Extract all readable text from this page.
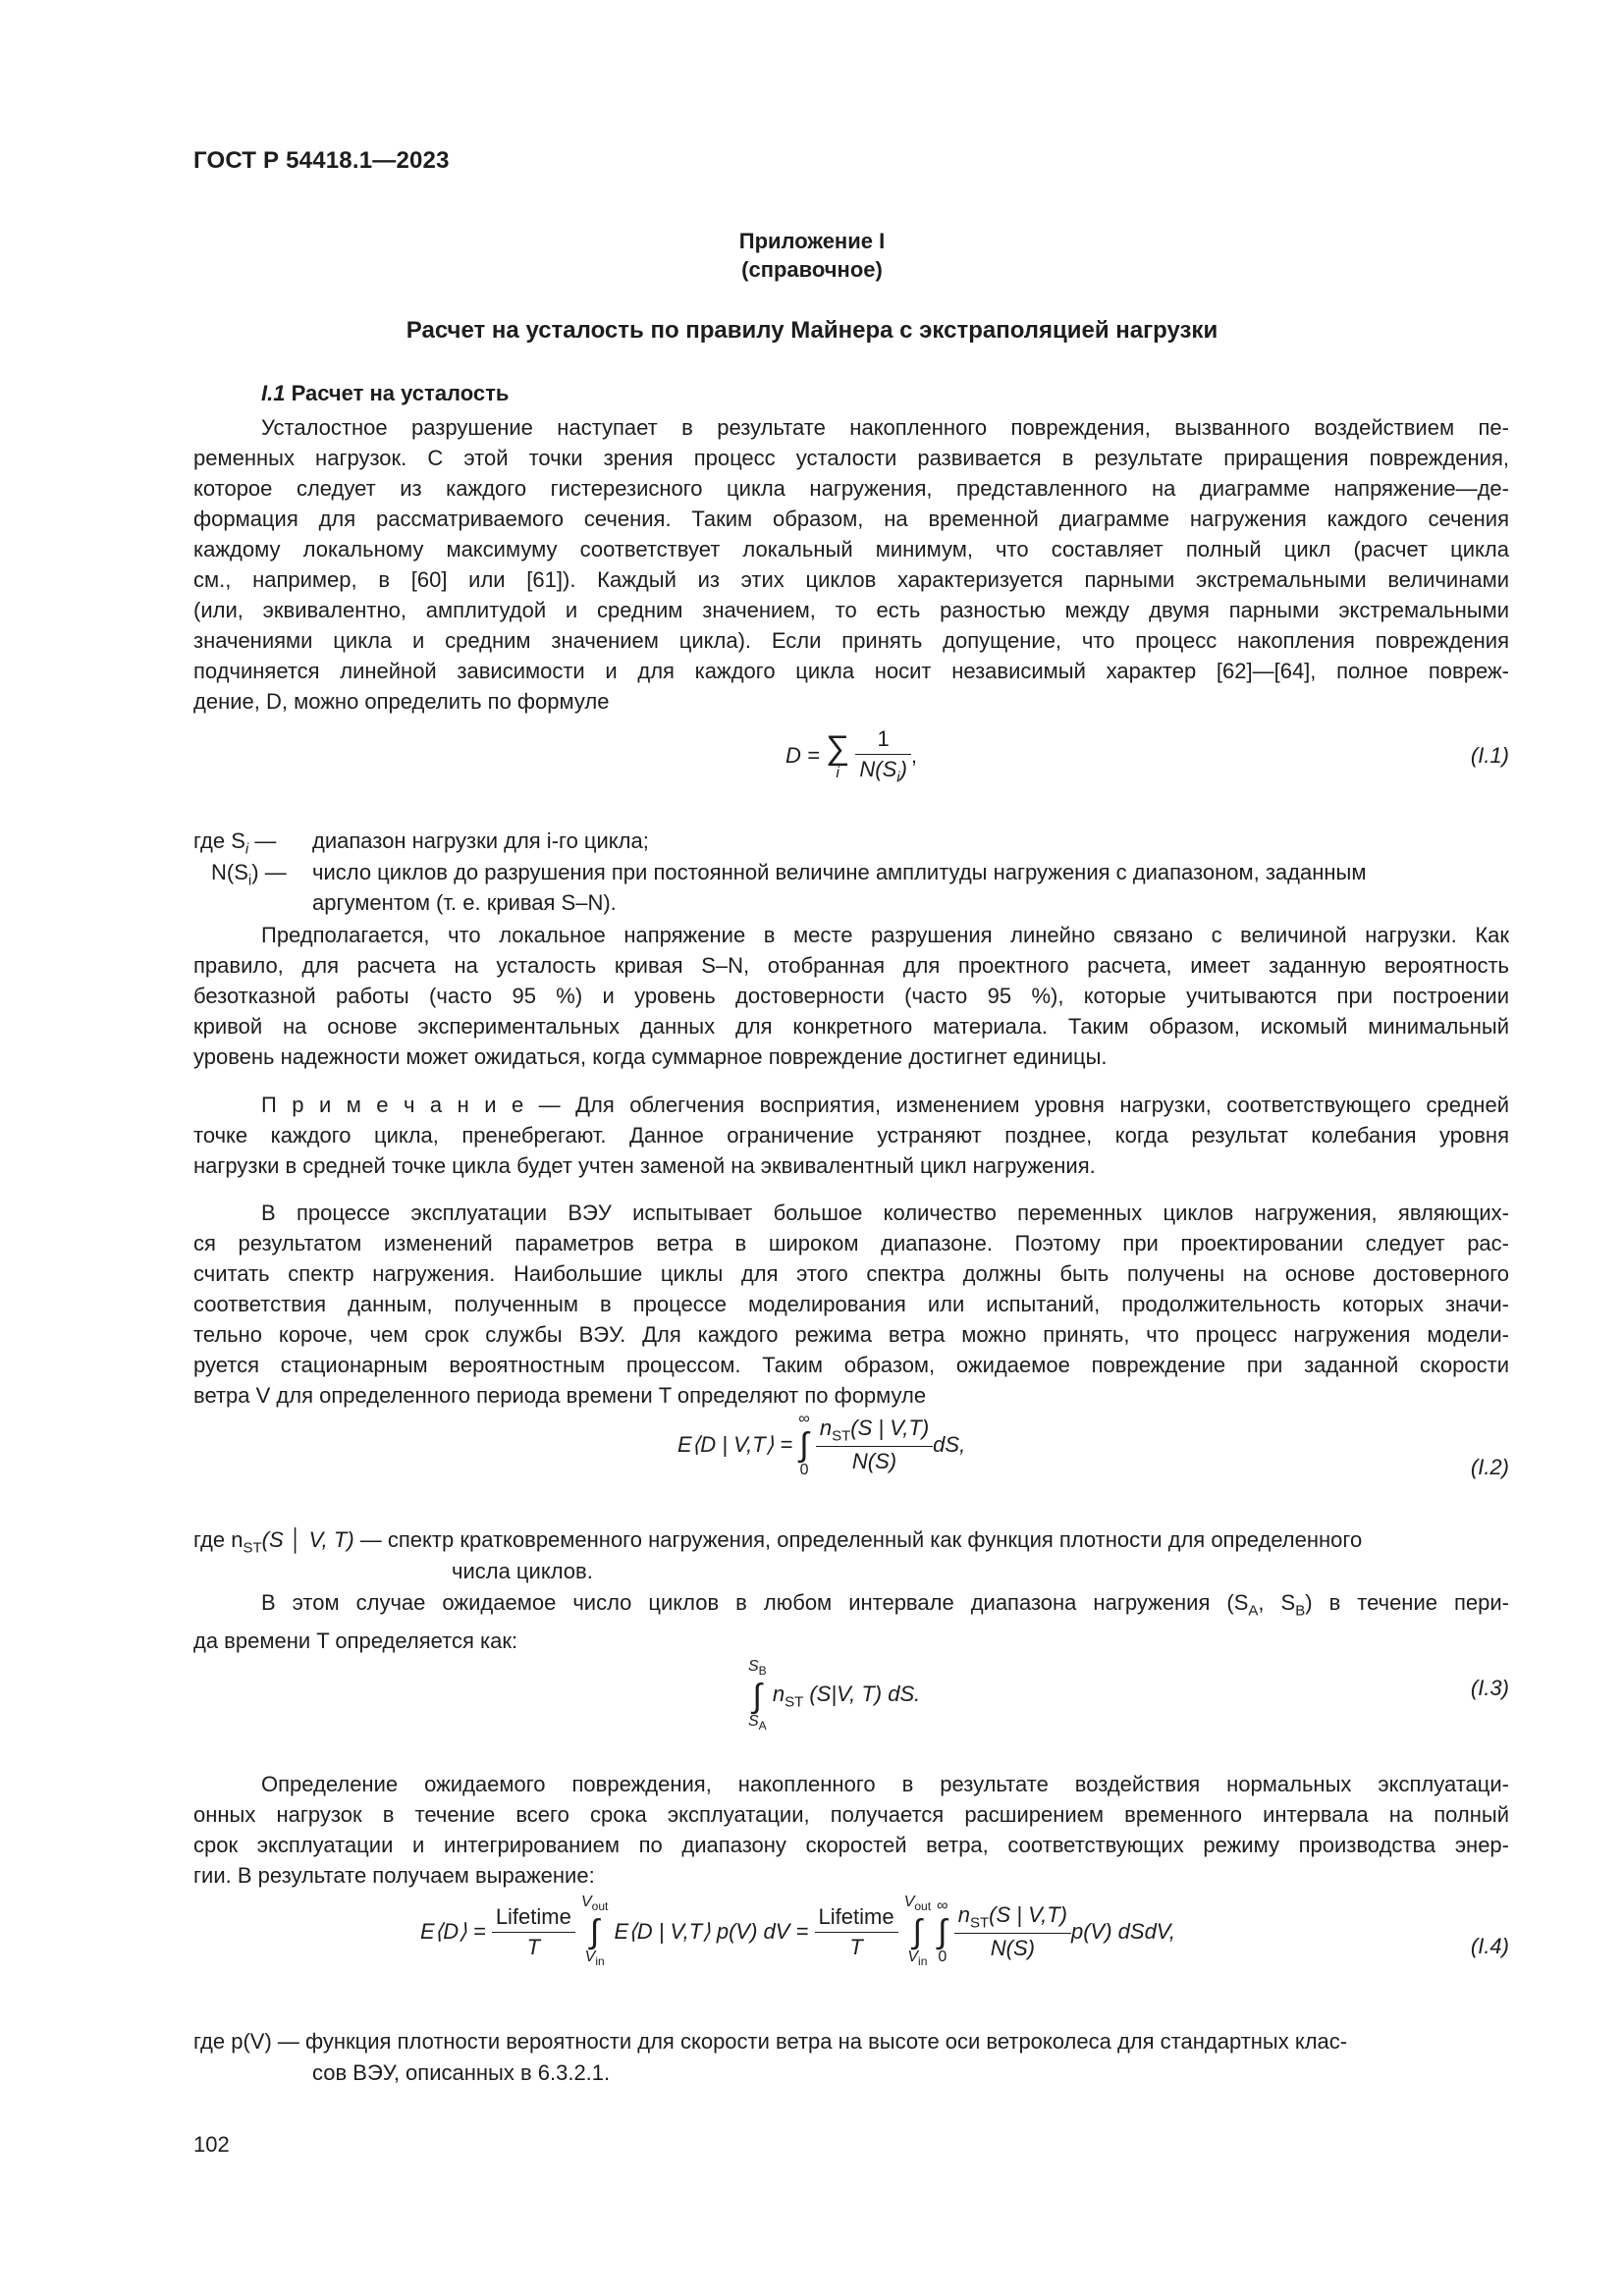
ГОСТ Р 54418.1—2023
Приложение I
(справочное)
Расчет на усталость по правилу Майнера с экстраполяцией нагрузки
I.1 Расчет на усталость
Усталостное разрушение наступает в результате накопленного повреждения, вызванного воздействием пе-
ременных нагрузок. С этой точки зрения процесс усталости развивается в результате приращения повреждения,
которое следует из каждого гистерезисного цикла нагружения, представленного на диаграмме напряжение—де-
формация для рассматриваемого сечения. Таким образом, на временной диаграмме нагружения каждого сечения
каждому локальному максимуму соответствует локальный минимум, что составляет полный цикл (расчет цикла
см., например, в [60] или [61]). Каждый из этих циклов характеризуется парными экстремальными величинами
(или, эквивалентно, амплитудой и средним значением, то есть разностью между двумя парными экстремальными
значениями цикла и средним значением цикла). Если принять допущение, что процесс накопления повреждения
подчиняется линейной зависимости и для каждого цикла носит независимый характер [62]—[64], полное повреж-
дение, D, можно определить по формуле
D = ∑
i
$\frac{1}{N(S_i)}$ ,	(I.1)
где $S_i$ — диапазон нагрузки для i-го цикла;
$N(S_i)$ — число циклов до разрушения при постоянной величине амплитуды нагружения с диапазоном, заданным
аргументом (т. е. кривая S–N).
Предполагается, что локальное напряжение в месте разрушения линейно связано с величиной нагрузки. Как
правило, для расчета на усталость кривая S–N, отобранная для проектного расчета, имеет заданную вероятность
безотказной работы (часто 95 %) и уровень достоверности (часто 95 %), которые учитываются при построении
кривой на основе экспериментальных данных для конкретного материала. Таким образом, искомый минимальный
уровень надежности может ожидаться, когда суммарное повреждение достигнет единицы.
П р и м е ч а н и е — Для облегчения восприятия, изменением уровня нагрузки, соответствующего средней
точке каждого цикла, пренебрегают. Данное ограничение устраняют позднее, когда результат колебания уровня
нагрузки в средней точке цикла будет учтен заменой на эквивалентный цикл нагружения.
В процессе эксплуатации ВЭУ испытывает большое количество переменных циклов нагружения, являющих-
ся результатом изменений параметров ветра в широком диапазоне. Поэтому при проектировании следует рас-
считать спектр нагружения. Наибольшие циклы для этого спектра должны быть получены на основе достоверного
соответствия данным, полученным в процессе моделирования или испытаний, продолжительность которых значи-
тельно короче, чем срок службы ВЭУ. Для каждого режима ветра можно принять, что процесс нагружения модели-
руется стационарным вероятностным процессом. Таким образом, ожидаемое повреждение при заданной скорости
ветра V для определенного периода времени T определяют по формуле
E⟨D | V,T⟩ =
∞
∫
0
$\frac{n_{ST}(S | V,T)}{N(S)}$ dS,
(I.2)
где $n_{ST}(S$ │ V, T) — спектр кратковременного нагружения, определенный как функция плотности для определенного
числа циклов.
В этом случае ожидаемое число циклов в любом интервале диапазона нагружения ($S_A$, $S_B$) в течение пери-
да времени T определяется как:
$S_B$
∫
$S_A$
$n_{ST}$ (S|V, T) dS.	(I.3)
Определение ожидаемого повреждения, накопленного в результате воздействия нормальных эксплуатаци-
онных нагрузок в течение всего срока эксплуатации, получается расширением временного интервала на полный
срок эксплуатации и интегрированием по диапазону скоростей ветра, соответствующих режиму производства энер-
гии. В результате получаем выражение:
E⟨D⟩ = $\frac{\text{Lifetime}}{T}$

$V_{out}$
∫
$V_{in}$
E⟨D | V,T⟩ p(V) dV = $\frac{\text{Lifetime}}{T}$

$V_{out}$
∫
$V_{in}$

∞
∫
0
$\frac{n_{ST}(S | V,T)}{N(S)} p(V)$ dSdV,
(I.4)
где p(V) — функция плотности вероятности для скорости ветра на высоте оси ветроколеса для стандартных клас-
сов ВЭУ, описанных в 6.3.2.1.
102
